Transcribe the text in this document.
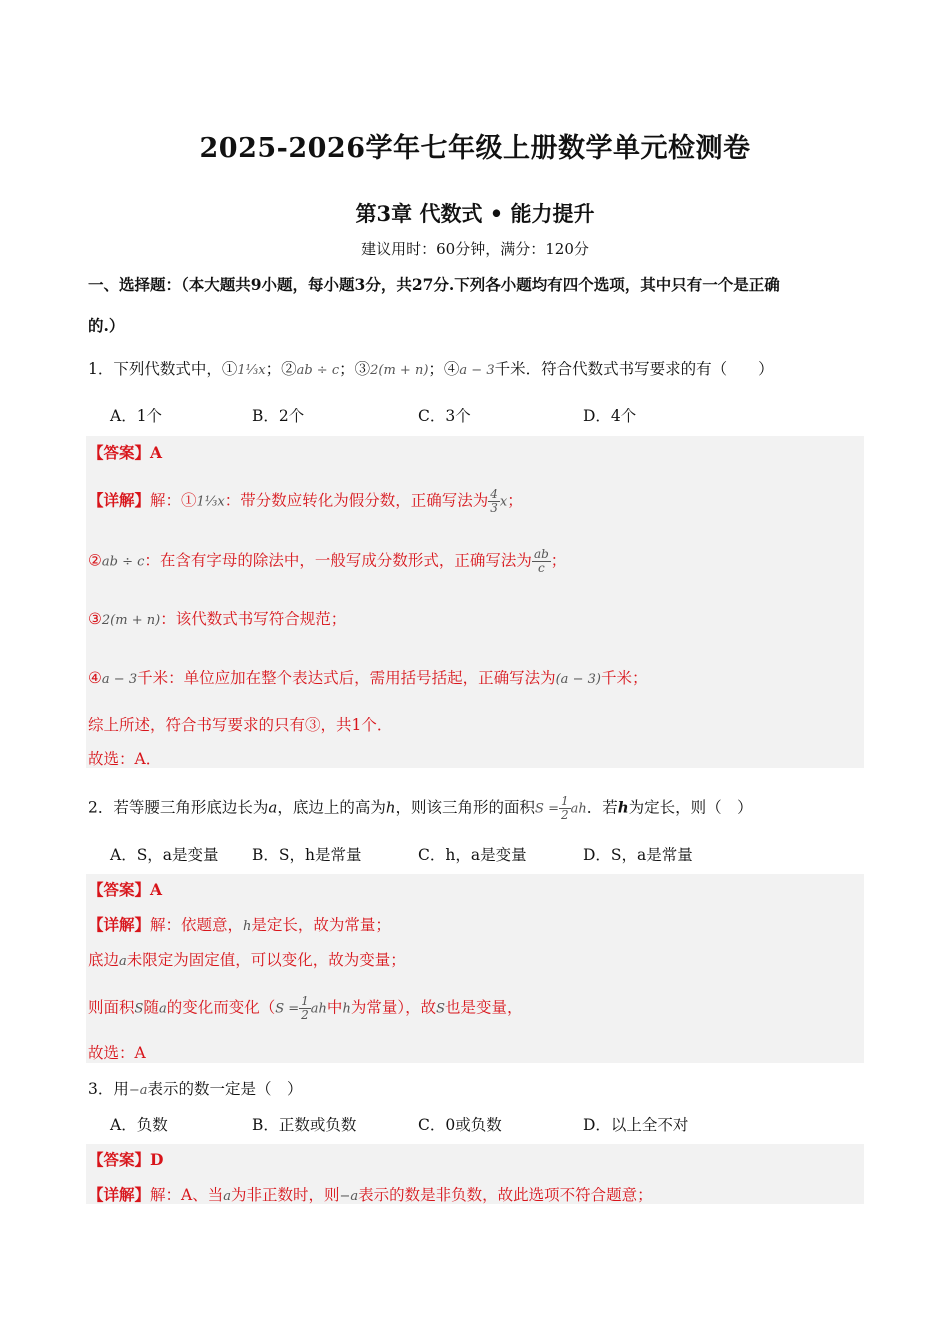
2025-2026学年七年级上册数学单元检测卷
第3章 代数式 • 能力提升
建议用时：60分钟，满分：120分
一、选择题：（本大题共9小题，每小题3分，共27分.下列各小题均有四个选项，其中只有一个是正确
的.）
1．下列代数式中，①1⅓x；②ab ÷ c；③2(m + n)；④a − 3千米．符合代数式书写要求的有（　　）
A．1个	B．2个	C．3个	D．4个
【答案】A
【详解】解：①1⅓x：带分数应转化为假分数，正确写法为 $\frac{4}{3}$ x；
②ab ÷ c：在含有字母的除法中，一般写成分数形式，正确写法为 $\frac{ab}{c}$ ；
③2(m + n)：该代数式书写符合规范；
④a − 3千米：单位应加在整个表达式后，需用括号括起，正确写法为(a − 3)千米；
综上所述，符合书写要求的只有③，共1个．
故选：A．
2．若等腰三角形底边长为a，底边上的高为h，则该三角形的面积$S = \frac{1}{2}$ ah．若h为定长，则（　）
A．S，a是变量 B．S，h是常量	C．h，a是变量	D．S，a是常量
【答案】A
【详解】解：依题意，h是定长，故为常量；
底边a未限定为固定值，可以变化，故为变量；
则面积S随a的变化而变化（$S = \frac{1}{2}$ ah中h为常量），故S也是变量，
故选：A
3．用−a表示的数一定是（　）
A．负数	B．正数或负数	C．0或负数	D．以上全不对
【答案】D
【详解】解：A、当a为非正数时，则−a表示的数是非负数，故此选项不符合题意；
